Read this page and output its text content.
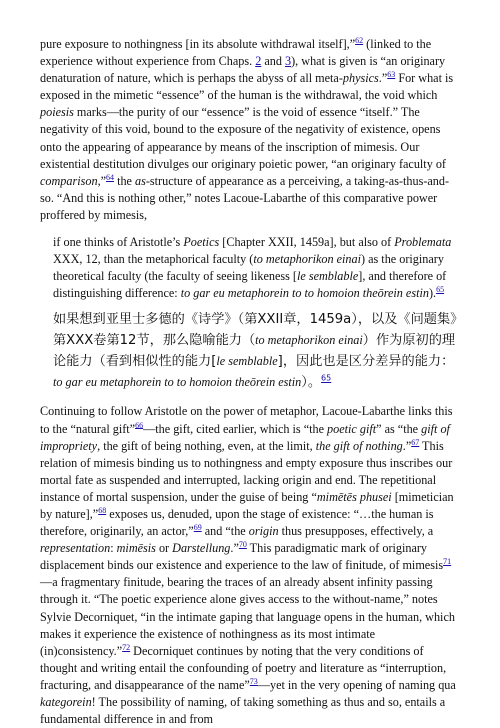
pure exposure to nothingness [in its absolute withdrawal itself],”$^{62}$ (linked to the experience without experience from Chaps. 2 and 3), what is given is “an originary denaturation of nature, which is perhaps the abyss of all meta-physics.”$^{63}$ For what is exposed in the mimetic “essence” of the human is the withdrawal, the void which poiesis marks—the purity of our “essence” is the void of essence “itself.” The negativity of this void, bound to the exposure of the negativity of existence, opens onto the appearing of appearance by means of the inscription of mimesis. Our existential destitution divulges our originary poietic power, “an originary faculty of comparison,”$^{64}$ the as-structure of appearance as a perceiving, a taking-as-thus-and-so. “And this is nothing other,” notes Lacoue-Labarthe of this comparative power proffered by mimesis,

if one thinks of Aristotle’s Poetics [Chapter XXII, 1459a], but also of Problemata XXX, 12, than the metaphorical faculty (to metaphorikon einai) as the originary theoretical faculty (the faculty of seeing likeness [le semblable], and therefore of distinguishing difference: to gar eu metaphorein to to homoion theōrein estin).$^{65}$

如果想到亚里士多德的《诗学》（第XXII章，1459a），以及《问题集》第XXX卷第12节，那么隐喻能力（to metaphorikon einai）作为原初的理论能力（看到相似性的能力[le semblable]，因此也是区分差异的能力：to gar eu metaphorein to to homoion theōrein estin）。$^{65}$

Continuing to follow Aristotle on the power of metaphor, Lacoue-Labarthe links this to the “natural gift”$^{66}$—the gift, cited earlier, which is “the poetic gift” as “the gift of impropriety, the gift of being nothing, even, at the limit, the gift of nothing.”$^{67}$ This relation of mimesis binding us to nothingness and empty exposure thus inscribes our mortal fate as suspended and interrupted, lacking origin and end. The repetitional instance of mortal suspension, under the guise of being “mimētēs phusei [mimetician by nature],”$^{68}$ exposes us, denuded, upon the stage of existence: “…the human is therefore, originarily, an actor,”$^{69}$ and “the origin thus presupposes, effectively, a representation: mimēsis or Darstellung.”$^{70}$ This paradigmatic mark of originary displacement binds our existence and experience to the law of finitude, of mimesis$^{71}$—a fragmentary finitude, bearing the traces of an already absent infinity passing through it. “The poetic experience alone gives access to the without-name,” notes Sylvie Decorniquet, “in the intimate gaping that language opens in the human, which makes it experience the existence of nothingness as its most intimate (in)consistency.”$^{72}$ Decorniquet continues by noting that the very conditions of thought and writing entail the confounding of poetry and literature as “interruption, fracturing, and disappearance of the name”$^{73}$—yet in the very opening of naming qua kategorein! The possibility of naming, of taking something as thus and so, entails a fundamental difference in and from
